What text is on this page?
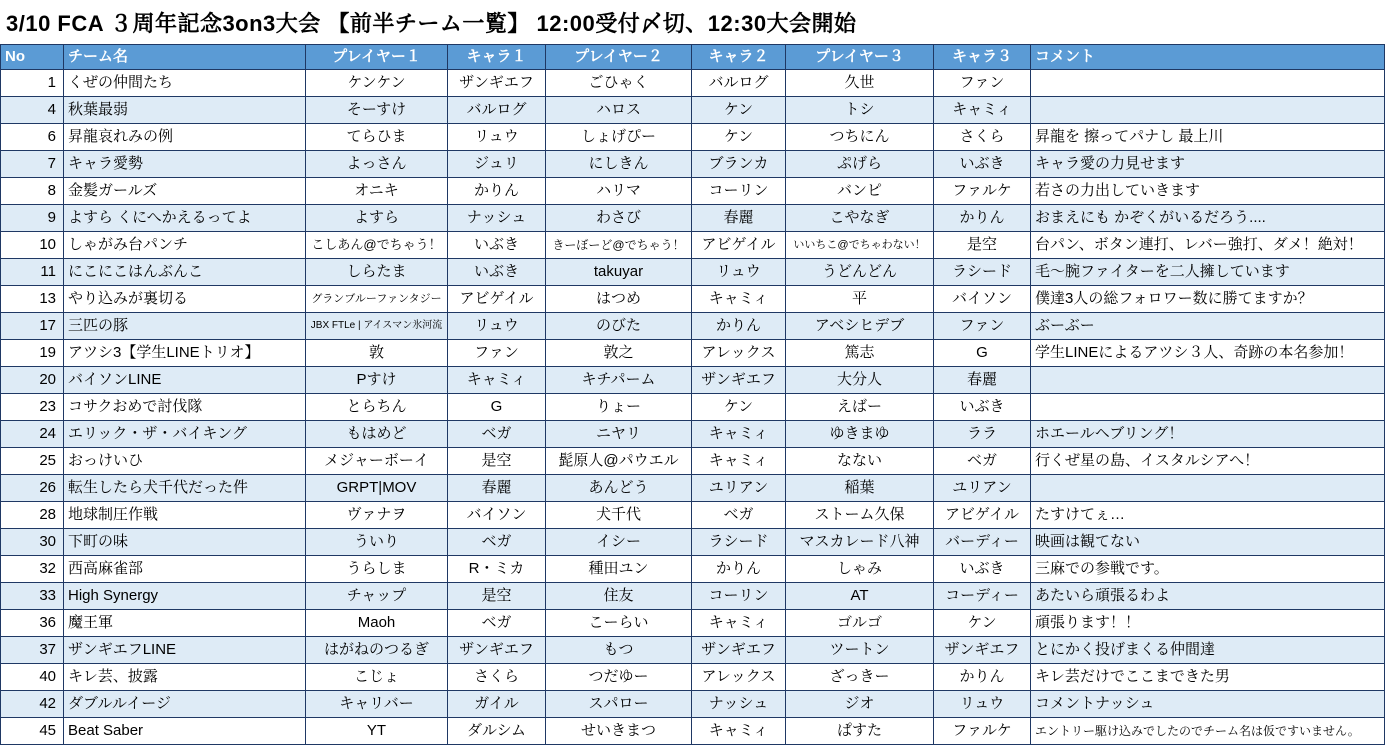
3/10 FCA ３周年記念3on3大会 【前半チーム一覧】 12:00受付〆切、12:30大会開始
No	チーム名	プレイヤー１	キャラ１	プレイヤー２	キャラ２	プレイヤー３	キャラ３	コメント
1	くぜの仲間たち	ケンケン	ザンギエフ	ごひゃく	バルログ	久世	ファン	
4	秋葉最弱	そーすけ	バルログ	ハロス	ケン	トシ	キャミィ	
6	昇龍哀れみの例	てらひま	リュウ	しょげぴー	ケン	つちにん	さくら	昇龍を 擦ってパナし 最上川
7	キャラ愛勢	よっさん	ジュリ	にしきん	ブランカ	ぷげら	いぶき	キャラ愛の力見せます
8	金髪ガールズ	オニキ	かりん	ハリマ	コーリン	バンピ	ファルケ	若さの力出していきます
9	よすら くにへかえるってよ	よすら	ナッシュ	わさび	春麗	こやなぎ	かりん	おまえにも かぞくがいるだろう....
10	しゃがみ台パンチ	こしあん@でちゃう！	いぶき	きーぼーど@でちゃう！	アビゲイル	いいちこ@でちゃわない！	是空	台パン、ボタン連打、レバー強打、ダメ！絶対！
11	にこにこはんぶんこ	しらたま	いぶき	takuyar	リュウ	うどんどん	ラシード	毛～腕ファイターを二人擁しています
13	やり込みが裏切る	グランブルーファンタジー	アビゲイル	はつめ	キャミィ	平	バイソン	僕達3人の総フォロワー数に勝てますか？
17	三匹の豚	JBX FTLe | アイスマン氷河流	リュウ	のびた	かりん	アベシヒデブ	ファン	ぶーぶー
19	アツシ3【学生LINEトリオ】	敦	ファン	敦之	アレックス	篤志	G	学生LINEによるアツシ３人、奇跡の本名参加！
20	バイソンLINE	Pすけ	キャミィ	キチパーム	ザンギエフ	大分人	春麗	
23	コサクおめで討伐隊	とらちん	G	りょー	ケン	えばー	いぶき	
24	エリック・ザ・バイキング	もはめど	ベガ	ニヤリ	キャミィ	ゆきまゆ	ララ	ホエールヘブリング！
25	おっけいひ	メジャーボーイ	是空	髭原人@パウエル	キャミィ	なない	ベガ	行くぜ星の島、イスタルシアへ！
26	転生したら犬千代だった件	GRPT|MOV	春麗	あんどう	ユリアン	稲葉	ユリアン	
28	地球制圧作戦	ヴァナヲ	バイソン	犬千代	ベガ	ストーム久保	アビゲイル	たすけてぇ…
30	下町の味	ういり	ベガ	イシー	ラシード	マスカレード八神	バーディー	映画は観てない
32	西高麻雀部	うらしま	R・ミカ	種田ユン	かりん	しゃみ	いぶき	三麻での参戦です。
33	High Synergy	チャップ	是空	住友	コーリン	AT	コーディー	あたいら頑張るわよ
36	魔王軍	Maoh	ベガ	こーらい	キャミィ	ゴルゴ	ケン	頑張ります！！
37	ザンギエフLINE	はがねのつるぎ	ザンギエフ	もつ	ザンギエフ	ツートン	ザンギエフ	とにかく投げまくる仲間達
40	キレ芸、披露	こじょ	さくら	つだゆー	アレックス	ざっきー	かりん	キレ芸だけでここまできた男
42	ダブルルイージ	キャリバー	ガイル	スパロー	ナッシュ	ジオ	リュウ	コメントナッシュ
45	Beat Saber	YT	ダルシム	せいきまつ	キャミィ	ぱすた	ファルケ	エントリー駆け込みでしたのでチーム名は仮ですいません。
